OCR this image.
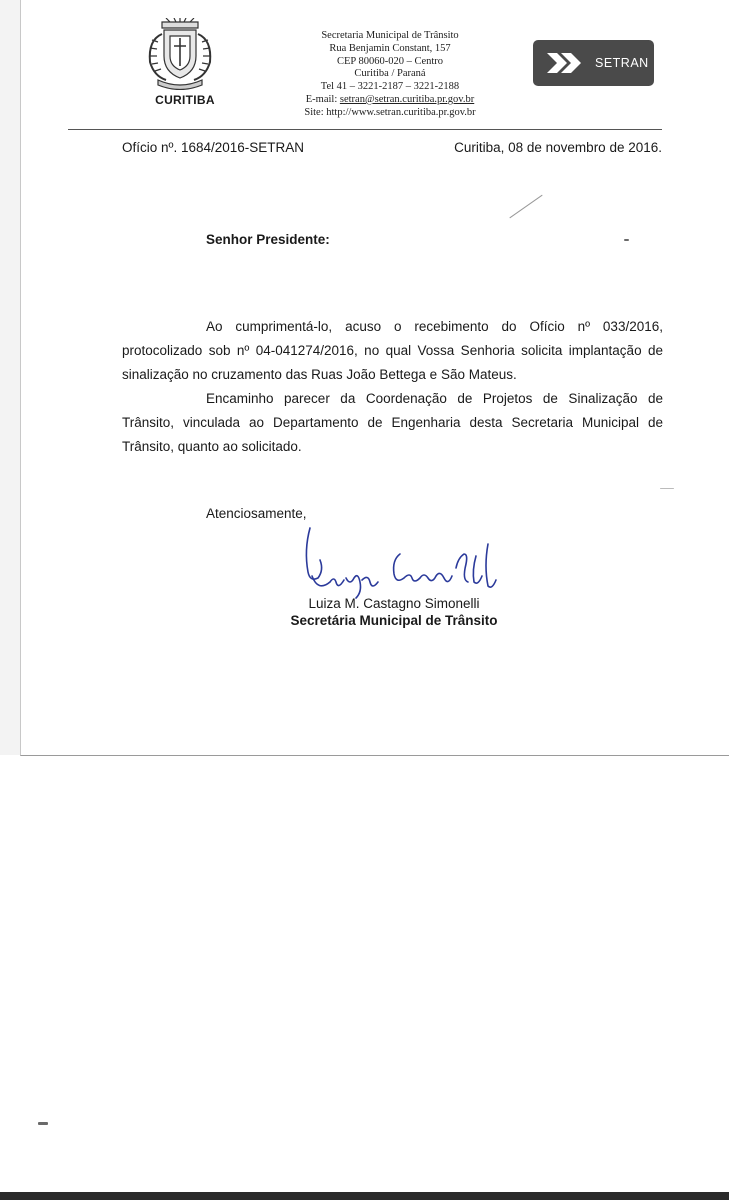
CURITIBA
Secretaria Municipal de Trânsito
Rua Benjamin Constant, 157
CEP 80060-020 – Centro
Curitiba / Paraná
Tel 41 – 3221-2187 – 3221-2188
E-mail: setran@setran.curitiba.pr.gov.br
Site: http://www.setran.curitiba.pr.gov.br
SETRAN
Ofício nº. 1684/2016-SETRAN	Curitiba, 08 de novembro de 2016.
Senhor Presidente:

Ao cumprimentá-lo, acuso o recebimento do Ofício nº 033/2016, protocolizado sob nº 04-041274/2016, no qual Vossa Senhoria solicita implantação de sinalização no cruzamento das Ruas João Bettega e São Mateus.

Encaminho parecer da Coordenação de Projetos de Sinalização de Trânsito, vinculada ao Departamento de Engenharia desta Secretaria Municipal de Trânsito, quanto ao solicitado.

Atenciosamente,
Luiza M. Castagno Simonelli
Secretária Municipal de Trânsito
